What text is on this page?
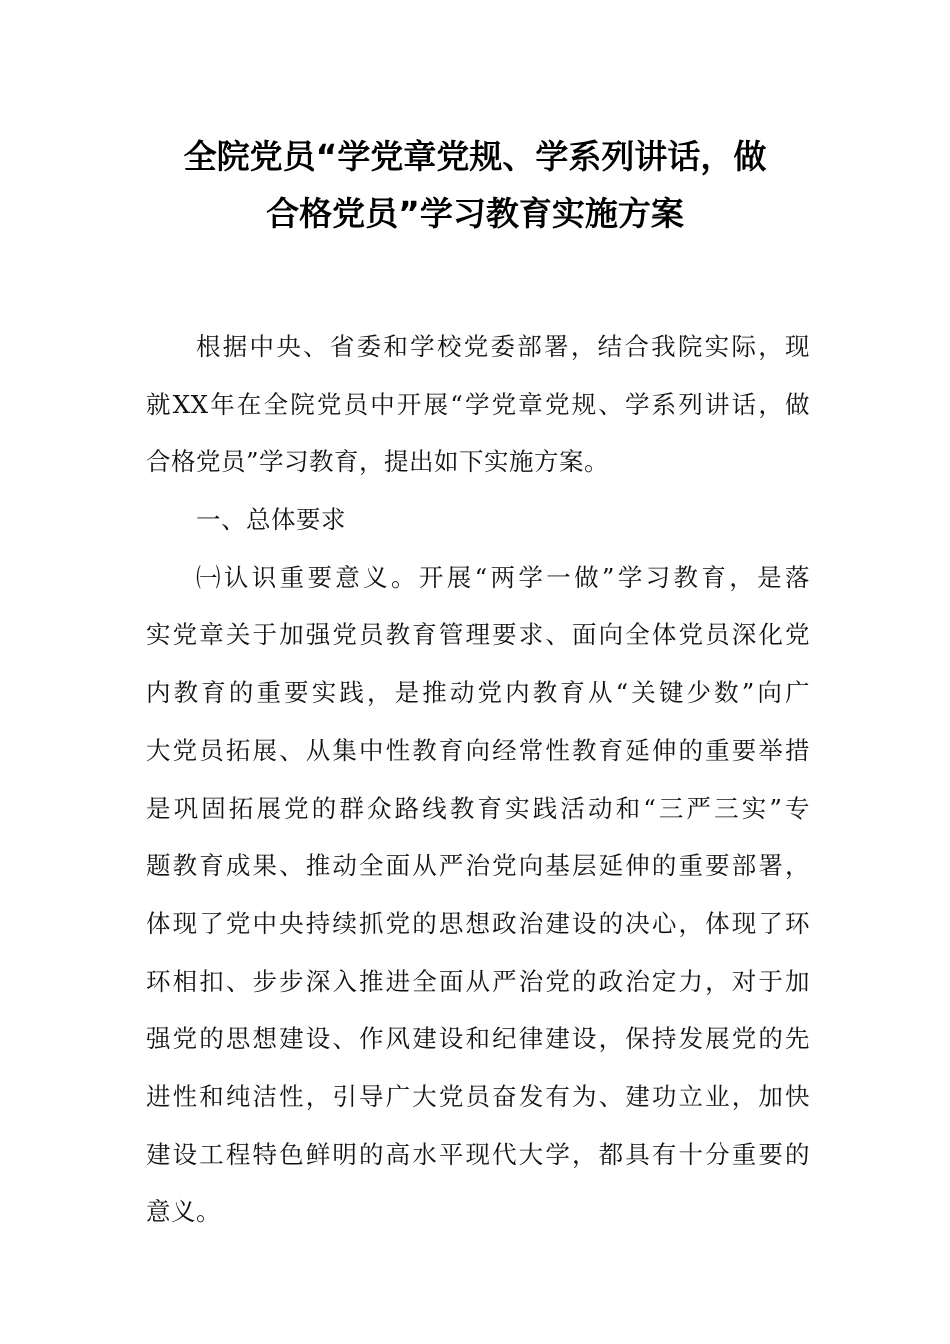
全院党员“学党章党规、学系列讲话，做
合格党员”学习教育实施方案
根据中央、省委和学校党委部署，结合我院实际，现
就XX年在全院党员中开展“学党章党规、学系列讲话，做
合格党员”学习教育，提出如下实施方案。
一、总体要求
㈠认识重要意义。开展“两学一做”学习教育，是落
实党章关于加强党员教育管理要求、面向全体党员深化党
内教育的重要实践，是推动党内教育从“关键少数”向广
大党员拓展、从集中性教育向经常性教育延伸的重要举措
是巩固拓展党的群众路线教育实践活动和“三严三实”专
题教育成果、推动全面从严治党向基层延伸的重要部署，
体现了党中央持续抓党的思想政治建设的决心，体现了环
环相扣、步步深入推进全面从严治党的政治定力，对于加
强党的思想建设、作风建设和纪律建设，保持发展党的先
进性和纯洁性，引导广大党员奋发有为、建功立业，加快
建设工程特色鲜明的高水平现代大学，都具有十分重要的
意义。
